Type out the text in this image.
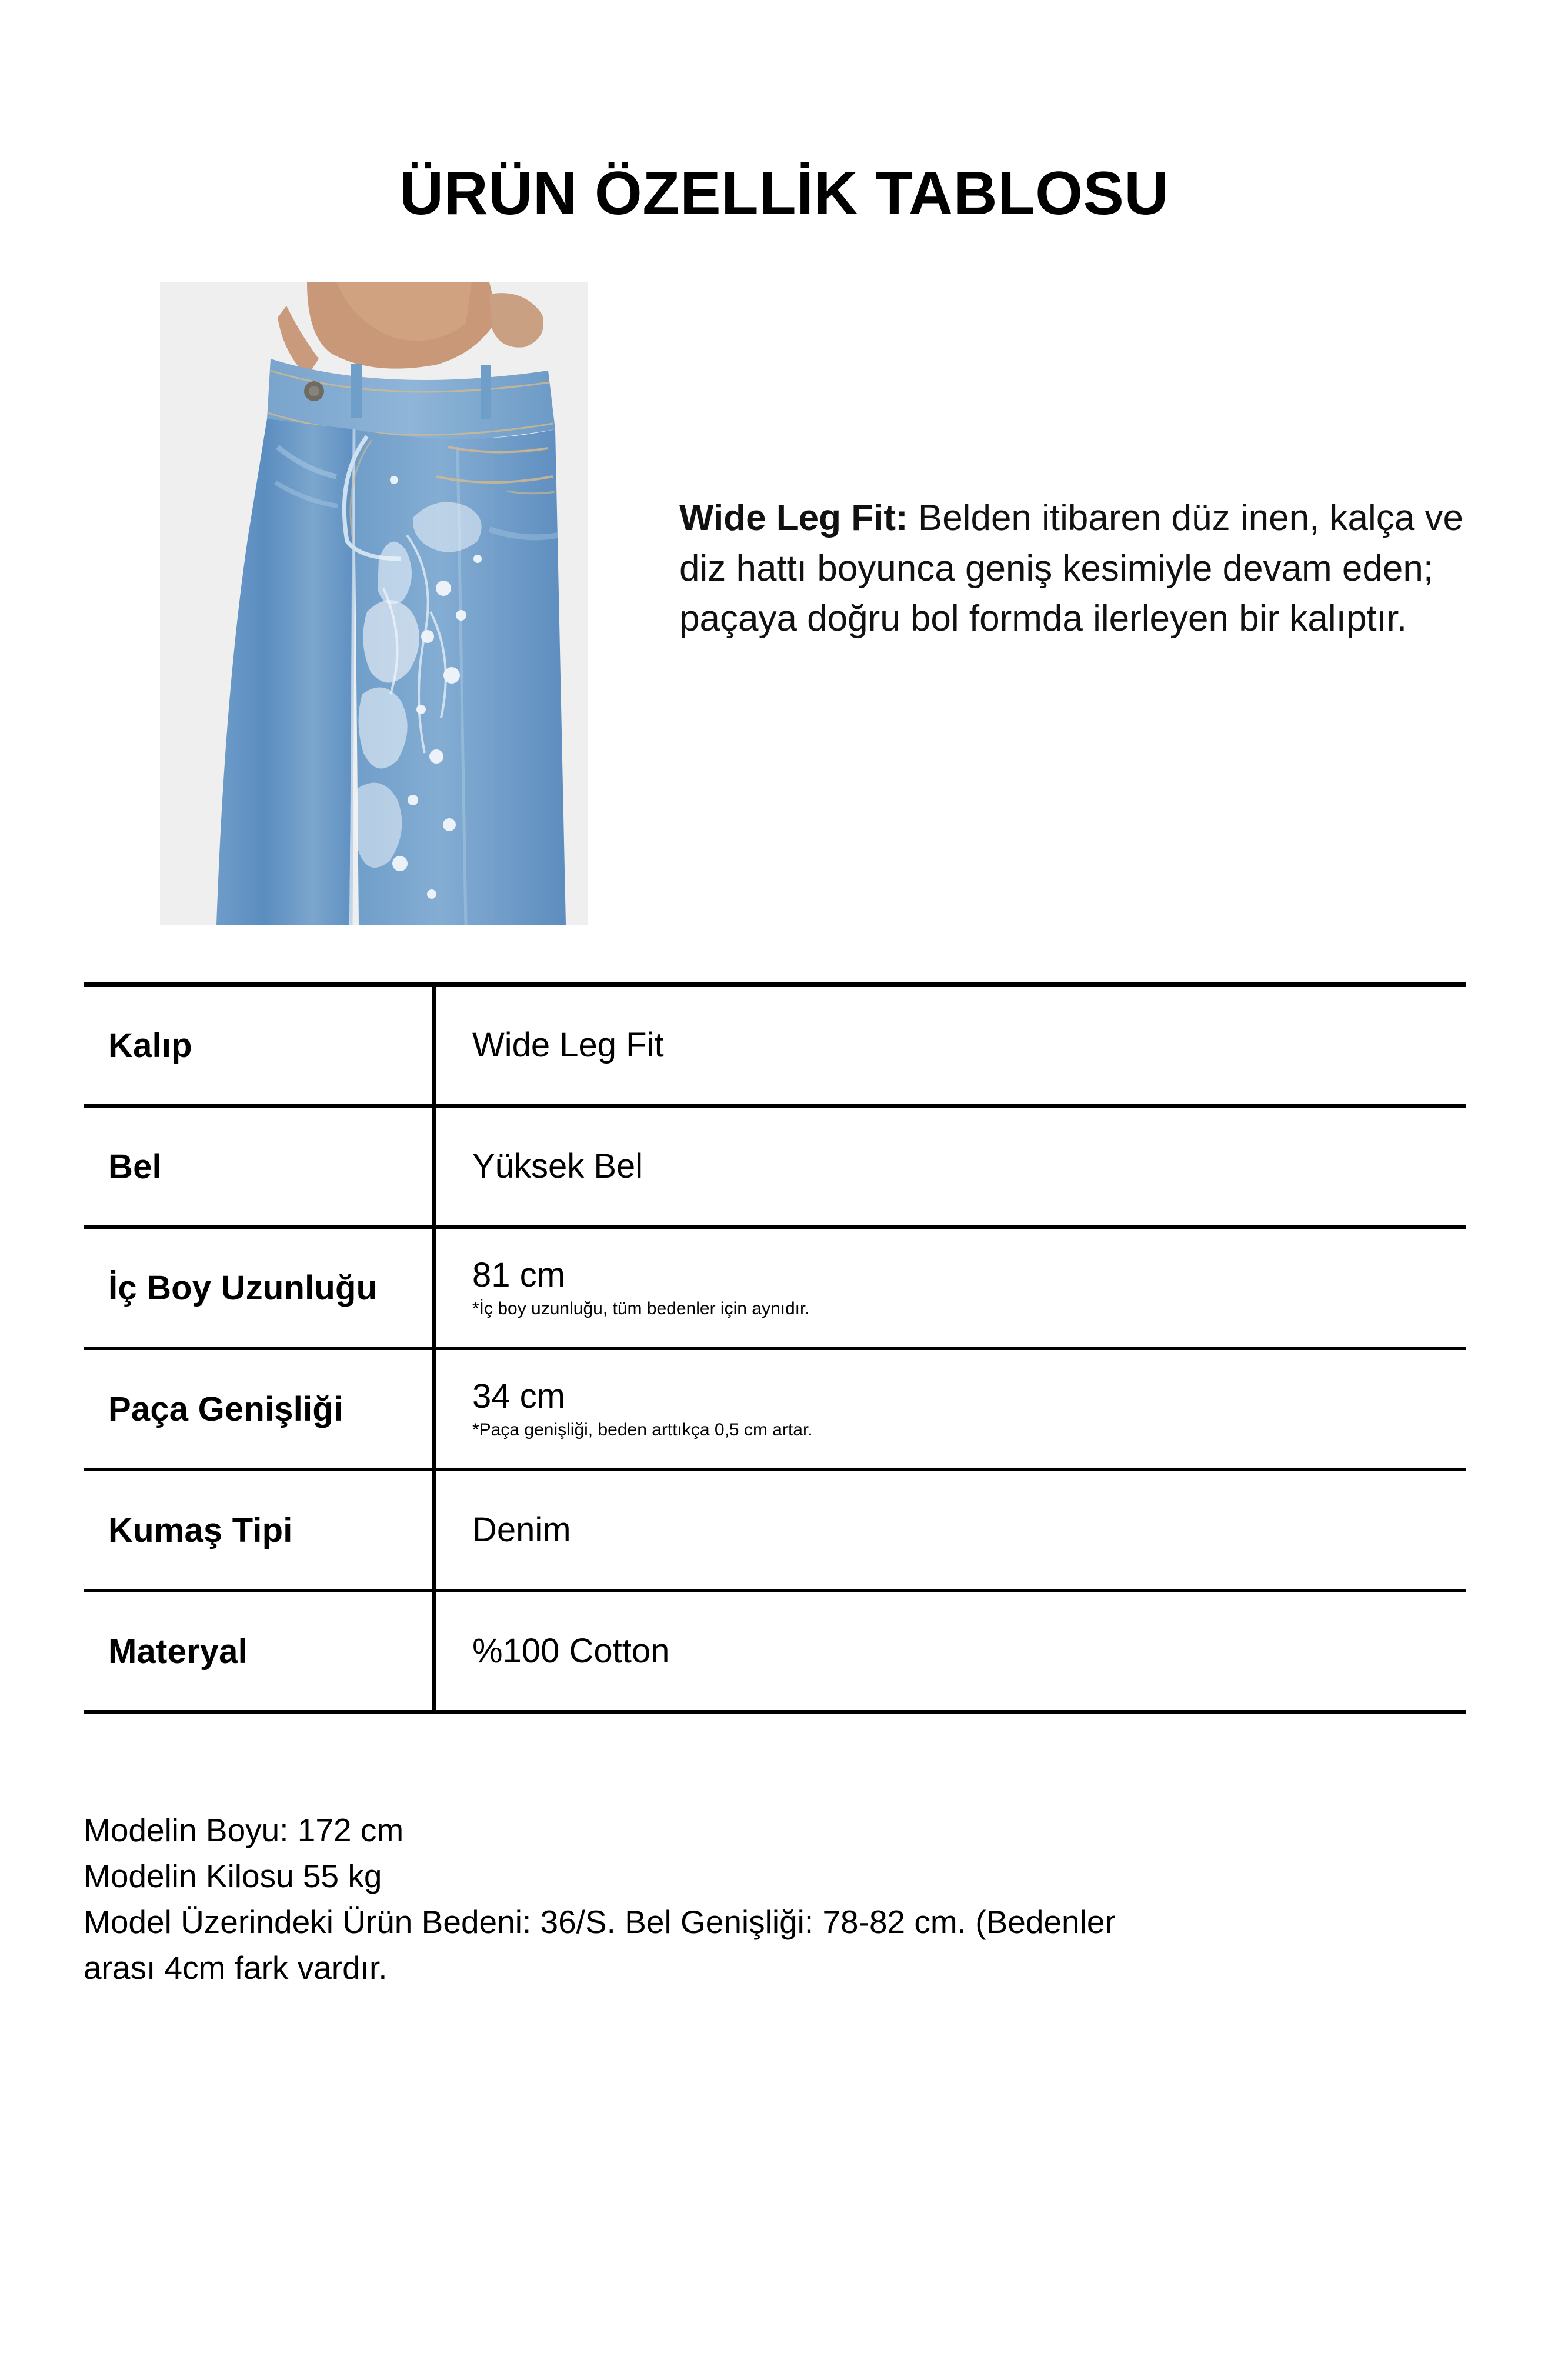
ÜRÜN ÖZELLİK TABLOSU

Wide Leg Fit: Belden itibaren düz inen, kalça ve diz hattı boyunca geniş kesimiyle devam eden; paçaya doğru bol formda ilerleyen bir kalıptır.

Kalıp	Wide Leg Fit

Bel	Yüksek Bel

İç Boy Uzunluğu	81 cm
*İç boy uzunluğu, tüm bedenler için aynıdır.

Paça Genişliği	34 cm
*Paça genişliği, beden arttıkça 0,5 cm artar.

Kumaş Tipi	Denim

Materyal	%100 Cotton
Modelin Boyu: 172 cm
Modelin Kilosu 55 kg
Model Üzerindeki Ürün Bedeni: 36/S. Bel Genişliği: 78-82 cm. (Bedenler
arası 4cm fark vardır.
